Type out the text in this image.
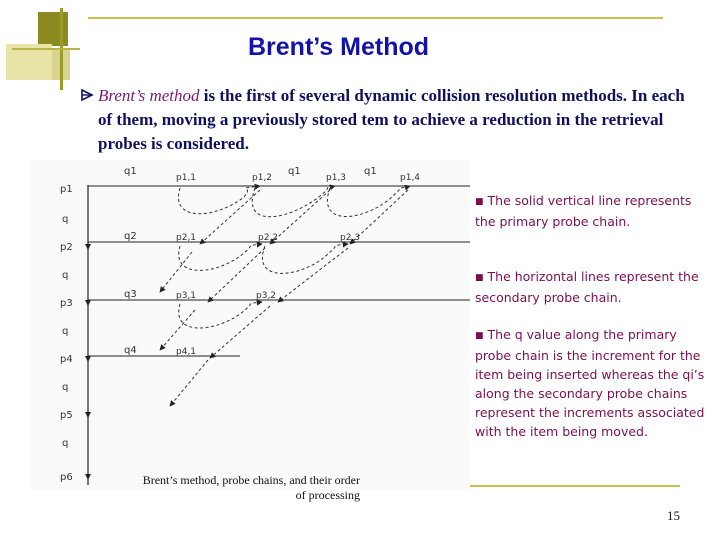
Brent’s Method
Brent’s method is the first of several dynamic collision resolution methods. In each of them, moving a previously stored tem to achieve a reduction in the retrieval probes is considered.
p1
q
p2
q
p3
q
p4
q
p5
q
p6
q1
q2
q3
q4
q1	q1
p1,1	p1,2	p1,3	p1,4
p2,1	p2,2	p2,3
p3,1	p3,2
p4,1
■ The solid vertical line represents the primary probe chain.
■ The horizontal lines represent the secondary probe chain.
■ The q value along the primary probe chain is the increment for the item being inserted whereas the qi’s along the secondary probe chains represent the increments associated with the item being moved.
Brent’s method, probe chains, and their order of processing
15
